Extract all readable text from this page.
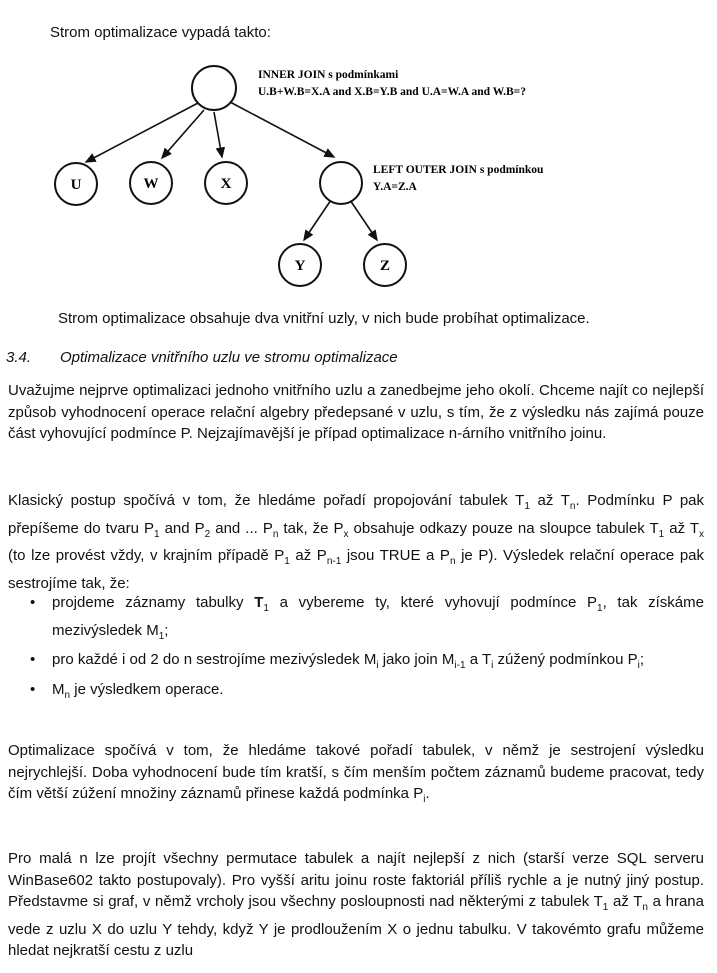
Strom optimalizace vypadá takto:
U	W	X
Y	Z
INNER JOIN s podmínkami
U.B+W.B=X.A and X.B=Y.B and U.A=W.A and W.B=?
LEFT OUTER JOIN s podmínkou
Y.A=Z.A
Strom optimalizace obsahuje dva vnitřní uzly, v nich bude probíhat optimalizace.
3.4. Optimalizace vnitřního uzlu ve stromu optimalizace

Uvažujme nejprve optimalizaci jednoho vnitřního uzlu a zanedbejme jeho okolí. Chceme najít co nejlepší způsob vyhodnocení operace relační algebry předepsané v uzlu, s tím, že z výsledku nás zajímá pouze část vyhovující podmínce P. Nejzajímavější je případ optimalizace n-árního vnitřního joinu.

Klasický postup spočívá v tom, že hledáme pořadí propojování tabulek $T_1$ až $T_n$. Podmínku P pak přepíšeme do tvaru $P_1$ and $P_2$ and ... $P_n$ tak, že $P_x$ obsahuje odkazy pouze na sloupce tabulek $T_1$ až $T_x$ (to lze provést vždy, v krajním případě $P_1$ až $P_{n-1}$ jsou TRUE a $P_n$ je P). Výsledek relační operace pak sestrojíme tak, že:

• projdeme záznamy tabulky $T_1$ a vybereme ty, které vyhovují podmínce $P_1$, tak získáme mezivýsledek $M_1$;
• pro každé i od 2 do n sestrojíme mezivýsledek $M_i$ jako join $M_{i-1}$ a $T_i$ zúžený podmínkou $P_i$;
• $M_n$ je výsledkem operace.

Optimalizace spočívá v tom, že hledáme takové pořadí tabulek, v němž je sestrojení výsledku nejrychlejší. Doba vyhodnocení bude tím kratší, s čím menším počtem záznamů budeme pracovat, tedy čím větší zúžení množiny záznamů přinese každá podmínka $P_i$.

Pro malá n lze projít všechny permutace tabulek a najít nejlepší z nich (starší verze SQL serveru WinBase602 takto postupovaly). Pro vyšší aritu joinu roste faktoriál příliš rychle a je nutný jiný postup. Představme si graf, v němž vrcholy jsou všechny posloupnosti nad některými z tabulek $T_1$ až $T_n$ a hrana vede z uzlu X do uzlu Y tehdy, když Y je prodloužením X o jednu tabulku. V takovémto grafu můžeme hledat nejkratší cestu z uzlu
